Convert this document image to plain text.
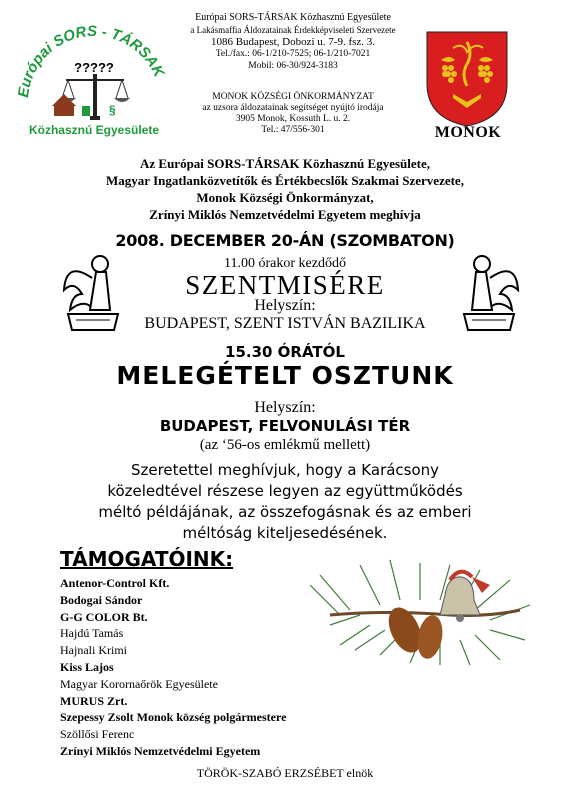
Európai SORS - TÁRSAK
?????
§
Közhasznú Egyesülete
Európai SORS-TÁRSAK Közhasznú Egyesülete
a Lakásmaffia Áldozatainak Érdekképviseleti Szervezete
1086 Budapest, Dobozi u. 7-9. fsz. 3.
Tel./fax.: 06-1/210-7525; 06-1/210-7021
Mobil: 06-30/924-3183
MONOK KÖZSÉGI ÖNKORMÁNYZAT
az uzsora áldozatainak segítséget nyújtó irodája
3905 Monok, Kossuth L. u. 2.
Tel.: 47/556-301	MONOK
Az Európai SORS-TÁRSAK Közhasznú Egyesülete,
Magyar Ingatlanközvetítők és Értékbecslők Szakmai Szervezete,
Monok Községi Önkormányzat,
Zrínyi Miklós Nemzetvédelmi Egyetem meghívja
2008. DECEMBER 20-ÁN (SZOMBATON)
11.00 órakor kezdődő
SZENTMISÉRE
Helyszín:
BUDAPEST, SZENT ISTVÁN BAZILIKA
15.30 ÓRÁTÓL
MELEGÉTELT OSZTUNK
Helyszín:
BUDAPEST, FELVONULÁSI TÉR
(az ‘56-os emlékmű mellett)
Szeretettel meghívjuk, hogy a Karácsony
közeledtével részese legyen az együttműködés
méltó példájának, az összefogásnak és az emberi
méltóság kiteljesedésének.
TÁMOGATÓINK:
Antenor-Control Kft.
Bodogai Sándor
G-G COLOR Bt.
Hajdú Tamás
Hajnali Krimi
Kiss Lajos
Magyar Korornaőrök Egyesülete
MURUS Zrt.
Szepessy Zsolt Monok község polgármestere
Szöllősi Ferenc
Zrínyi Miklós Nemzetvédelmi Egyetem
TÖRÖK-SZABÓ ERZSÉBET elnök
